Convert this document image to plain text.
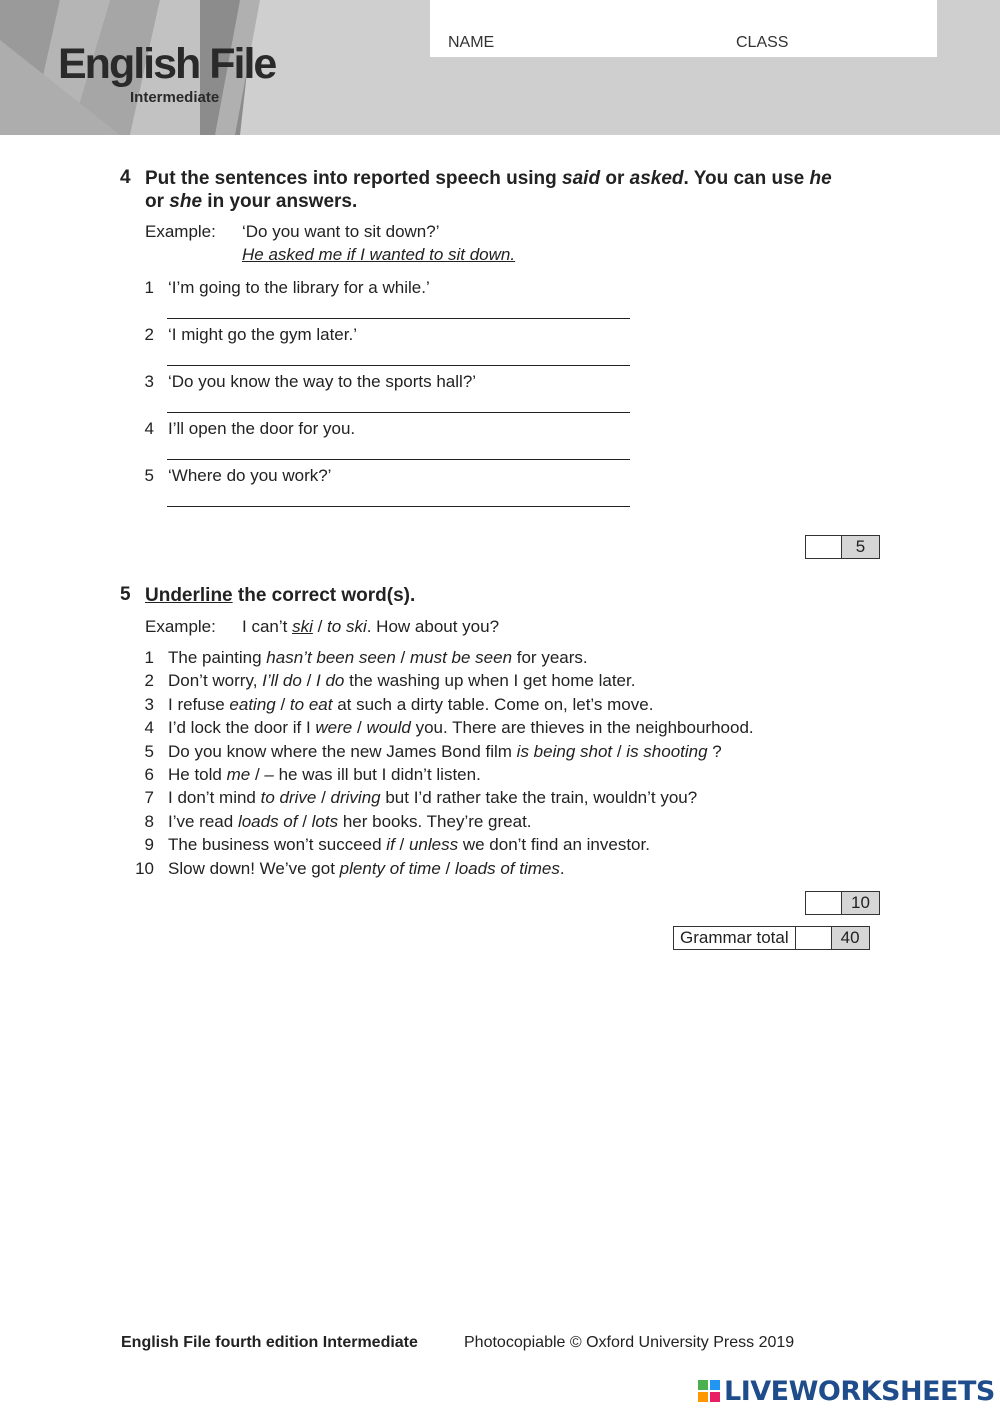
English File
Intermediate
NAME	CLASS
4 Put the sentences into reported speech using said or asked. You can use he
or she in your answers.
Example: ‘Do you want to sit down?’
He asked me if I wanted to sit down.
1 ‘I’m going to the library for a while.’
2 ‘I might go the gym later.’
3 ‘Do you know the way to the sports hall?’
4 I’ll open the door for you.
5 ‘Where do you work?’
5
5 Underline the correct word(s).
Example: I can’t ski / to ski. How about you?
1 The painting hasn’t been seen / must be seen for years.
2 Don’t worry, I’ll do / I do the washing up when I get home later.
3 I refuse eating / to eat at such a dirty table. Come on, let’s move.
4 I’d lock the door if I were / would you. There are thieves in the neighbourhood.
5 Do you know where the new James Bond film is being shot / is shooting ?
6 He told me / – he was ill but I didn’t listen.
7 I don’t mind to drive / driving but I’d rather take the train, wouldn’t you?
8 I’ve read loads of / lots her books. They’re great.
9 The business won’t succeed if / unless we don’t find an investor.
10 Slow down! We’ve got plenty of time / loads of times.
10
Grammar total	40
English File fourth edition Intermediate	Photocopiable © Oxford University Press 2019
LIVEWORKSHEETS
